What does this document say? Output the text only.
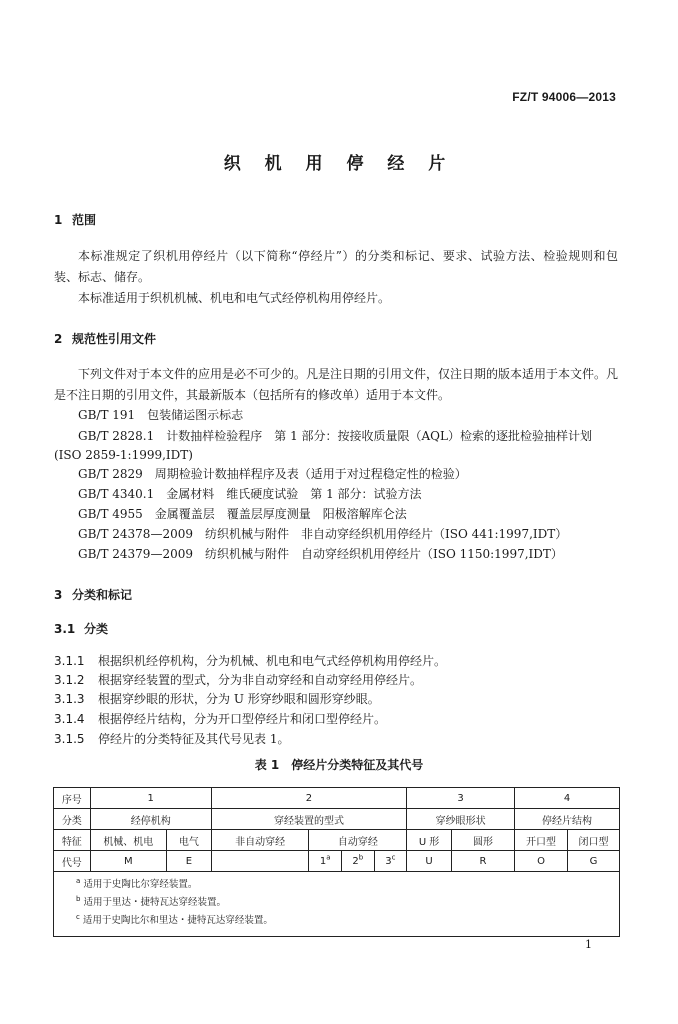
FZ/T 94006—2013
织 机 用 停 经 片
1 范围
本标准规定了织机用停经片（以下简称“停经片”）的分类和标记、要求、试验方法、检验规则和包装、标志、储存。
本标准适用于织机机械、机电和电气式经停机构用停经片。
2 规范性引用文件
下列文件对于本文件的应用是必不可少的。凡是注日期的引用文件，仅注日期的版本适用于本文件。凡是不注日期的引用文件，其最新版本（包括所有的修改单）适用于本文件。
GB/T 191　包装储运图示标志
GB/T 2828.1　计数抽样检验程序　第 1 部分：按接收质量限（AQL）检索的逐批检验抽样计划
(ISO 2859-1:1999,IDT)
GB/T 2829　周期检验计数抽样程序及表（适用于对过程稳定性的检验）
GB/T 4340.1　金属材料　维氏硬度试验　第 1 部分：试验方法
GB/T 4955　金属覆盖层　覆盖层厚度测量　阳极溶解库仑法
GB/T 24378—2009　纺织机械与附件　非自动穿经织机用停经片（ISO 441:1997,IDT）
GB/T 24379—2009　纺织机械与附件　自动穿经织机用停经片（ISO 1150:1997,IDT）
3 分类和标记
3.1 分类
3.1.1 根据织机经停机构，分为机械、机电和电气式经停机构用停经片。
3.1.2 根据穿经装置的型式，分为非自动穿经和自动穿经用停经片。
3.1.3 根据穿纱眼的形状，分为 U 形穿纱眼和圆形穿纱眼。
3.1.4 根据停经片结构，分为开口型停经片和闭口型停经片。
3.1.5 停经片的分类特征及其代号见表 1。
表 1　停经片分类特征及其代号
序号	1		2				3		4	
分类	经停机构		穿经装置的型式				穿纱眼形状		停经片结构	
特征	机械、机电	电气	非自动穿经	自动穿经			U 形	圆形	开口型	闭口型
代号	M	E		1$^a$	2$^b$	3$^c$	U	R	O	G

$^a$ 适用于史陶比尔穿经装置。
$^b$ 适用于里达・捷特瓦达穿经装置。
$^c$ 适用于史陶比尔和里达・捷特瓦达穿经装置。										
1
